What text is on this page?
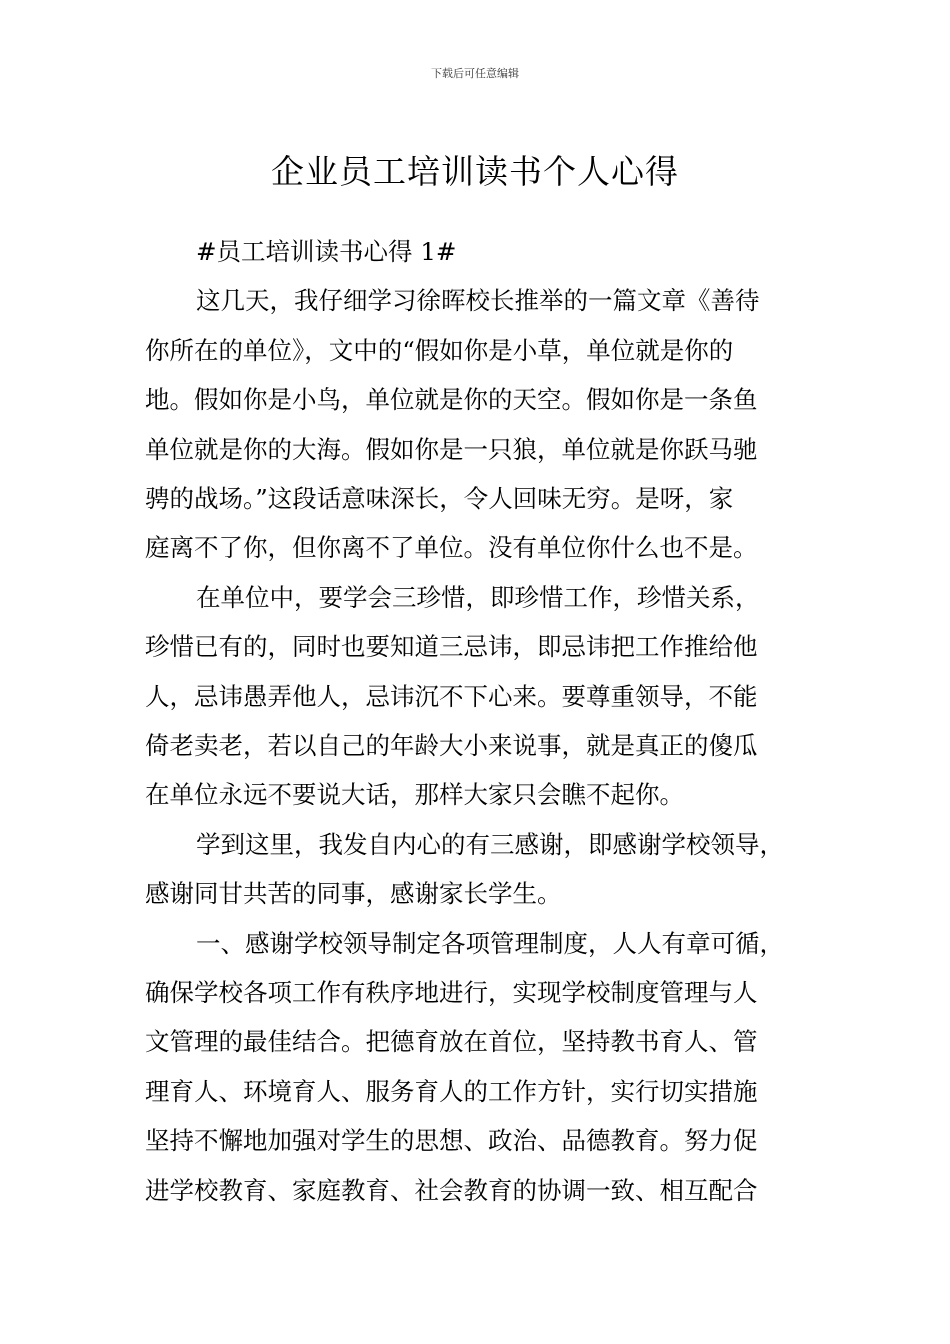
下载后可任意编辑
企业员工培训读书个人心得
#员工培训读书心得 1#
这几天，我仔细学习徐晖校长推举的一篇文章《善待
你所在的单位》，文中的“假如你是小草，单位就是你的
地。假如你是小鸟，单位就是你的天空。假如你是一条鱼
单位就是你的大海。假如你是一只狼，单位就是你跃马驰
骋的战场。”这段话意味深长，令人回味无穷。是呀，家
庭离不了你，但你离不了单位。没有单位你什么也不是。
在单位中，要学会三珍惜，即珍惜工作，珍惜关系，
珍惜已有的，同时也要知道三忌讳，即忌讳把工作推给他
人，忌讳愚弄他人，忌讳沉不下心来。要尊重领导，不能
倚老卖老，若以自己的年龄大小来说事，就是真正的傻瓜
在单位永远不要说大话，那样大家只会瞧不起你。
学到这里，我发自内心的有三感谢，即感谢学校领导，
感谢同甘共苦的同事，感谢家长学生。
一、感谢学校领导制定各项管理制度，人人有章可循，
确保学校各项工作有秩序地进行，实现学校制度管理与人
文管理的最佳结合。把德育放在首位，坚持教书育人、管
理育人、环境育人、服务育人的工作方针，实行切实措施
坚持不懈地加强对学生的思想、政治、品德教育。努力促
进学校教育、家庭教育、社会教育的协调一致、相互配合
